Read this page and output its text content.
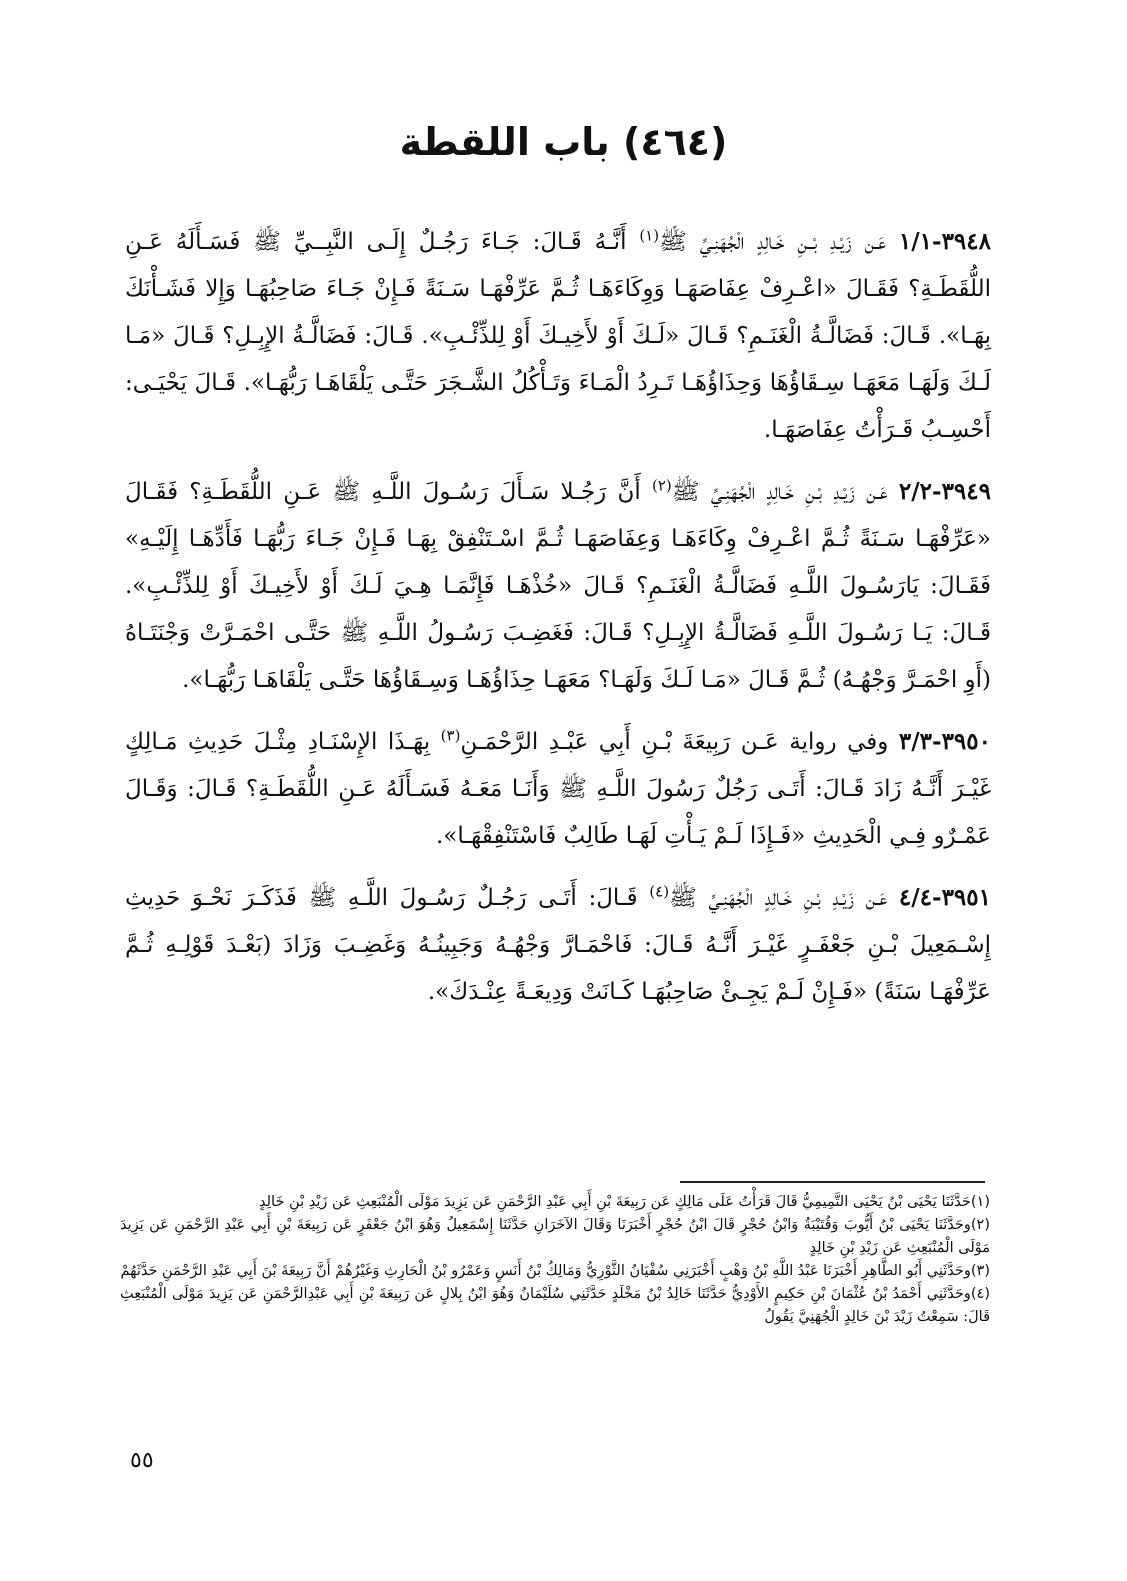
(٤٦٤) باب اللقطة

٣٩٤٨-١/١ عَـن زَيْـدِ بْــنِ خَـالِدٍ الْجُهَنِـيِّ ﷺ$^{(١)}$ أَنَّـهُ قَـالَ: جَـاءَ رَجُـلٌ إِلَـى النَّبِــيِّ ﷺ فَسَـأَلَهُ عَـنِ اللُّقَطَـةِ؟ فَقَـالَ «اعْـرِفْ عِفَاصَهَـا وَوِكَاءَهَـا ثُـمَّ عَرِّفْهَـا سَـنَةً فَـإِنْ جَـاءَ صَاحِبُهَـا وَإِلا فَشَـأْنَكَ بِهَـا». قَـالَ: فَضَالَّـةُ الْغَنَـمِ؟ قَـالَ «لَـكَ أَوْ لأَخِيـكَ أَوْ لِلذِّئْـبِ». قَـالَ: فَضَالَّـةُ الإِبِـلِ؟ قَـالَ «مَـا لَـكَ وَلَهَـا مَعَهَـا سِـقَاؤُهَا وَحِذَاؤُهَـا تَـرِدُ الْمَـاءَ وَتَـأْكُلُ الشَّـجَرَ حَتَّـى يَلْقَاهَـا رَبُّهَـا». قَـالَ يَحْيَـى: أَحْسِـبُ قَـرَأْتُ عِفَاصَهَـا.

٣٩٤٩-٢/٢ عَـن زَيْـدِ بْـنِ خَـالِدٍ الْجُهَنِـيِّ ﷺ$^{(٢)}$ أَنَّ رَجُـلا سَـأَلَ رَسُـولَ اللَّـهِ ﷺ عَـنِ اللُّقَطَـةِ؟ فَقَـالَ «عَرِّفْهَـا سَـنَةً ثُـمَّ اعْـرِفْ وِكَاءَهَـا وَعِفَاصَهَـا ثُـمَّ اسْـتَنْفِقْ بِهَـا فَـإِنْ جَـاءَ رَبُّهَـا فَأَدِّهَـا إِلَيْـهِ» فَقَـالَ: يَارَسُـولَ اللَّـهِ فَضَالَّـةُ الْغَنَـمِ؟ قَـالَ «خُذْهَـا فَإِنَّمَـا هِـيَ لَـكَ أَوْ لأَخِيـكَ أَوْ لِلذِّئْـبِ». قَـالَ: يَـا رَسُـولَ اللَّـهِ فَضَالَّـةُ الإِبِـلِ؟ قَـالَ: فَغَضِـبَ رَسُـولُ اللَّـهِ ﷺ حَتَّـى احْمَـرَّتْ وَجْنَتَـاهُ (أَوِ احْمَـرَّ وَجْهُـهُ) ثُـمَّ قَـالَ «مَـا لَـكَ وَلَهَـا؟ مَعَهَـا حِذَاؤُهَـا وَسِـقَاؤُهَا حَتَّـى يَلْقَاهَـا رَبُّهَـا».

٣٩٥٠-٣/٣ وفي رواية عَـن رَبِيعَةَ بْـنِ أَبِي عَبْـدِ الرَّحْمَـنِ$^{(٣)}$ بِهَـذَا الإِسْنَـادِ مِثْـلَ حَدِيثِ مَـالِكٍ غَيْـرَ أَنَّـهُ زَادَ قَـالَ: أَتَـى رَجُلٌ رَسُولَ اللَّـهِ ﷺ وَأَنَـا مَعَـهُ فَسَـأَلَهُ عَـنِ اللُّقَطَـةِ؟ قَـالَ: وَقَـالَ عَمْـرٌو فِـي الْحَدِيثِ «فَـإِذَا لَـمْ يَـأْتِ لَهَـا طَالِبٌ فَاسْتَنْفِقْهَـا».

٣٩٥١-٤/٤ عَـن زَيْـدِ بْـنِ خَـالِدٍ الْجُهَنِـيِّ ﷺ$^{(٤)}$ قَـالَ: أَتَـى رَجُـلٌ رَسُـولَ اللَّـهِ ﷺ فَذَكَـرَ نَحْـوَ حَدِيثِ إِسْـمَعِيلَ بْـنِ جَعْفَـرٍ غَيْـرَ أَنَّـهُ قَـالَ: فَاحْمَـارَّ وَجْهُـهُ وَجَبِينُـهُ وَغَضِـبَ وَزَادَ (بَعْـدَ قَوْلِـهِ ثُـمَّ عَرِّفْهَـا سَنَةً) «فَـإِنْ لَـمْ يَجِـئْ صَاحِبُهَـا كَـانَتْ وَدِيعَـةً عِنْـدَكَ».

(١)حَدَّثَنَا يَحْيَى بْنُ يَحْيَى التَّمِيمِيُّ قَالَ قَرَأْتُ عَلَى مَالِكٍ عَن رَبِيعَةَ بْنِ أَبِي عَبْدِ الرَّحْمَنِ عَن يَزِيدَ مَوْلَى الْمُنْبَعِثِ عَن زَيْدِ بْنِ خَالِدٍ

(٢)وحَدَّثَنَا يَحْيَى بْنُ أَيُّوبَ وَقُتَيْبَةُ وَابْنُ حُجْرٍ قَالَ ابْنُ حُجْرٍ أَخْبَرَنَا وَقَالَ الآخَرَانِ حَدَّثَنَا إِسْمَعِيلُ وَهُوَ ابْنُ جَعْفَرٍ عَن رَبِيعَةَ بْنِ أَبِي عَبْدِ الرَّحْمَنِ عَن يَزِيدَ مَوْلَى الْمُنْبَعِثِ عَن زَيْدِ بْنِ خَالِدٍ

(٣)وحَدَّثَنِي أَبُو الطَّاهِرِ أَخْبَرَنَا عَبْدُ اللَّهِ بْنُ وَهْبٍ أَخْبَرَنِي سُفْيَانُ الثَّوْرِيُّ وَمَالِكُ بْنُ أَنَسٍ وَعَمْرُو بْنُ الْحَارِثِ وَغَيْرُهُمْ أَنَّ رَبِيعَةَ بْنَ أَبِي عَبْدِ الرَّحْمَنِ حَدَّثَهُمْ

(٤)وحَدَّثَنِي أَحْمَدُ بْنُ عُثْمَانَ بْنِ حَكِيمٍ الأَوْدِيُّ حَدَّثَنَا خَالِدُ بْنُ مَخْلَدٍ حَدَّثَنِي سُلَيْمَانُ وَهُوَ ابْنُ بِلالٍ عَن رَبِيعَةَ بْنِ أَبِي عَبْدِالرَّحْمَنِ عَن يَزِيدَ مَوْلَى الْمُنْبَعِثِ قَالَ: سَمِعْتُ زَيْدَ بْنَ خَالِدٍ الْجُهَنِيَّ يَقُولُ

٥٥
